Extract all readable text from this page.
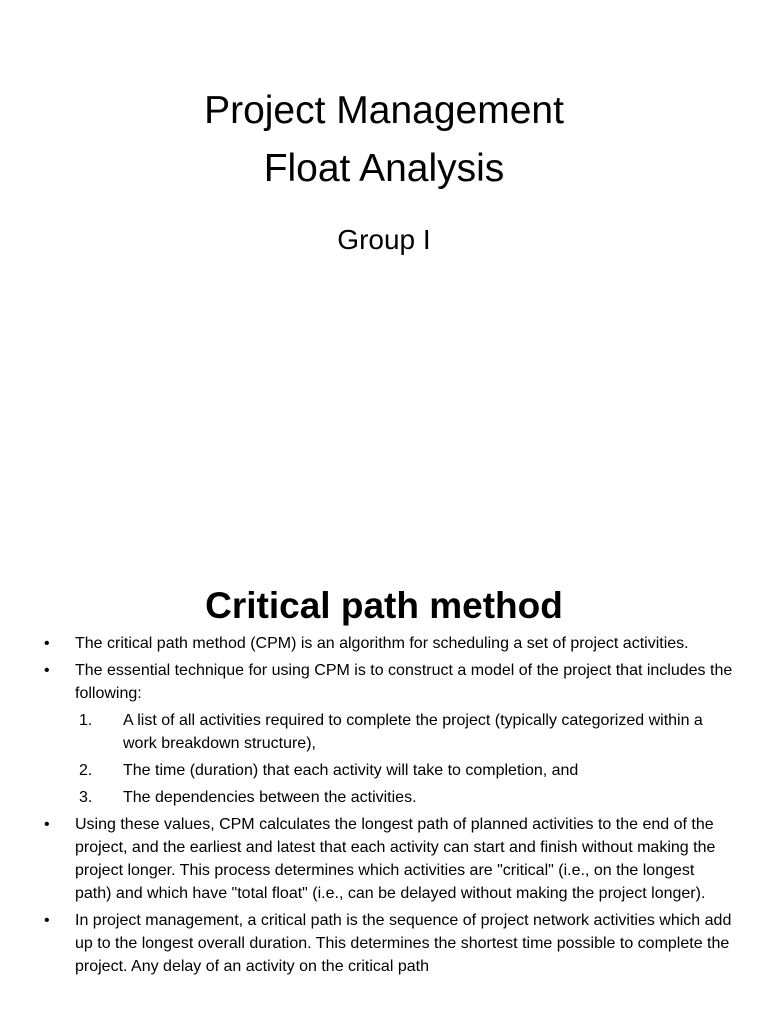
Project Management
Float Analysis
Group I
Critical path method
•	The critical path method (CPM) is an algorithm for scheduling a set of project activities.
•	The essential technique for using CPM is to construct a model of the project that includes the following:
1.	A list of all activities required to complete the project (typically categorized within a work breakdown structure),
2.	The time (duration) that each activity will take to completion, and
3.	The dependencies between the activities.
•	Using these values, CPM calculates the longest path of planned activities to the end of the project, and the earliest and latest that each activity can start and finish without making the project longer. This process determines which activities are "critical" (i.e., on the longest path) and which have "total float" (i.e., can be delayed without making the project longer).
•	In project management, a critical path is the sequence of project network activities which add up to the longest overall duration. This determines the shortest time possible to complete the project. Any delay of an activity on the critical path
